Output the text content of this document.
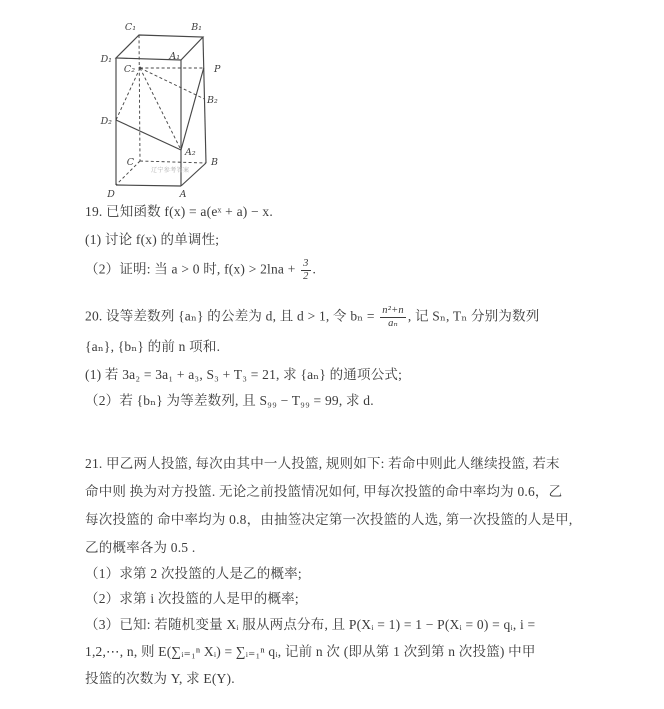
C₁	B₁
D₁	A₁
C₂	P
B₂
D₂
A₂
C	B
D	A
辽宁参考答案
19. 已知函数 f(x) = a(eˣ + a) − x.
(1) 讨论 f(x) 的单调性;
（2）证明: 当 a > 0 时, $f(x) > 2\ln a + \frac{3}{2}$ .
20. 设等差数列 {aₙ} 的公差为 d, 且 d > 1, 令 $b_n = \frac{\text{n²+n}}{\text{aₙ}}$ , 记 Sₙ, Tₙ 分别为数列
{aₙ}, {bₙ} 的前 n 项和.
(1) 若 3a₂ = 3a₁ + a₃, S₃ + T₃ = 21, 求 {aₙ} 的通项公式;
（2）若 {bₙ} 为等差数列, 且 S₉₉ − T₉₉ = 99, 求 d.
21. 甲乙两人投篮, 每次由其中一人投篮, 规则如下: 若命中则此人继续投篮, 若末
命中则 换为对方投篮. 无论之前投篮情况如何, 甲每次投篮的命中率均为 0.6，乙
每次投篮的 命中率均为 0.8，由抽签决定第一次投篮的人选, 第一次投篮的人是甲,
乙的概率各为 0.5 .
（1）求第 2 次投篮的人是乙的概率;
（2）求第 i 次投篮的人是甲的概率;
（3）已知: 若随机变量 Xᵢ 服从两点分布, 且 P(Xᵢ = 1) = 1 − P(Xᵢ = 0) = qᵢ, i =
1,2,⋯, n, 则 E(∑ᵢ₌₁ⁿ Xᵢ) = ∑ᵢ₌₁ⁿ qᵢ, 记前 n 次 (即从第 1 次到第 n 次投篮) 中甲
投篮的次数为 Y, 求 E(Y).
